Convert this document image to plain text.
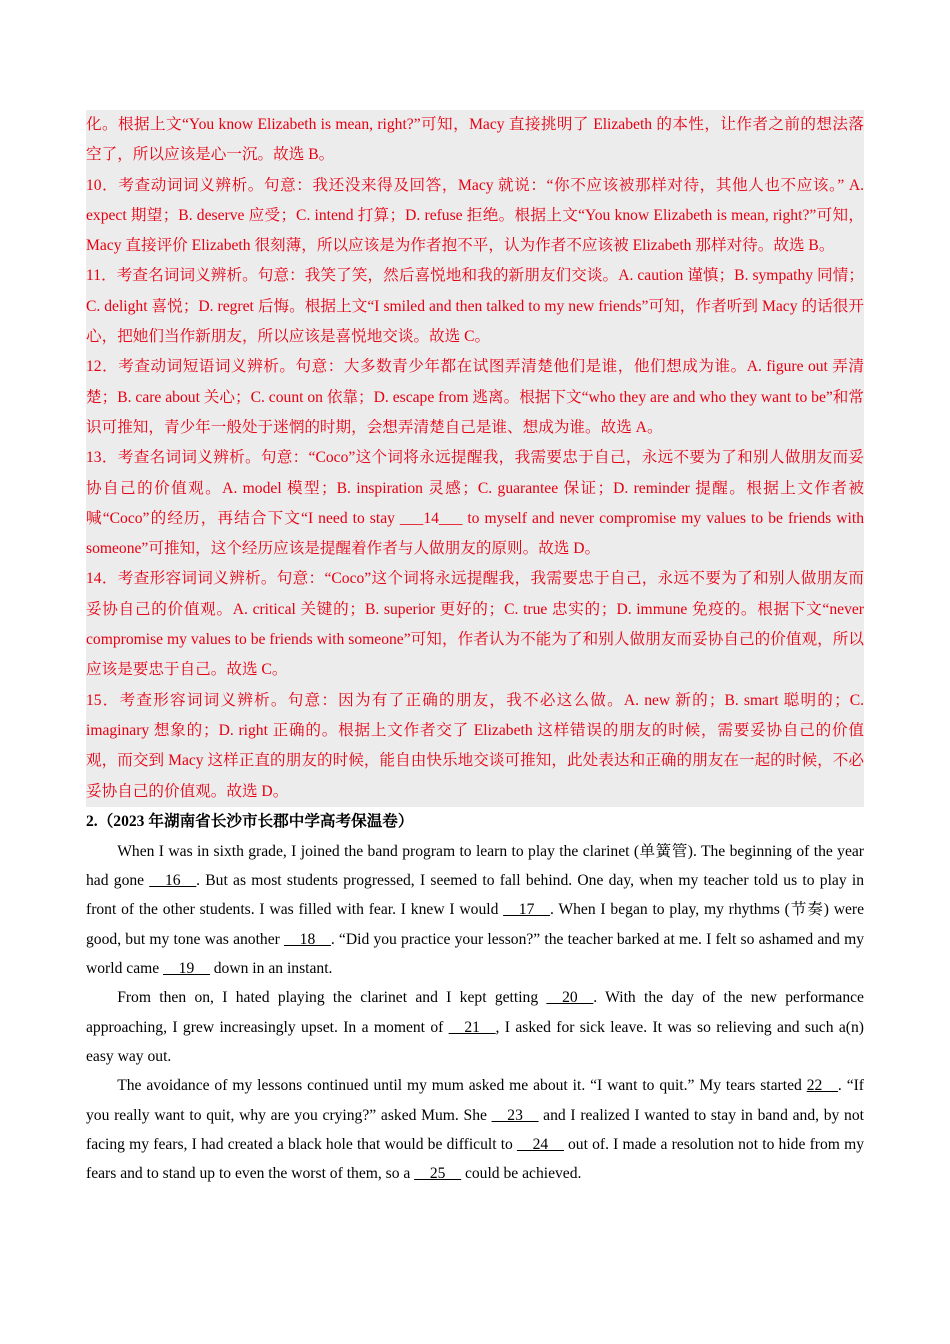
化。根据上文“You know Elizabeth is mean, right?”可知，Macy 直接挑明了 Elizabeth 的本性，让作者之前的想法落空了，所以应该是心一沉。故选 B。

10．考查动词词义辨析。句意：我还没来得及回答，Macy 就说：“你不应该被那样对待，其他人也不应该。” A. expect 期望；B. deserve 应受；C. intend 打算；D. refuse 拒绝。根据上文“You know Elizabeth is mean, right?”可知，Macy 直接评价 Elizabeth 很刻薄，所以应该是为作者抱不平，认为作者不应该被 Elizabeth 那样对待。故选 B。

11．考查名词词义辨析。句意：我笑了笑，然后喜悦地和我的新朋友们交谈。A. caution 谨慎；B. sympathy 同情；C. delight 喜悦；D. regret 后悔。根据上文“I smiled and then talked to my new friends”可知，作者听到 Macy 的话很开心，把她们当作新朋友，所以应该是喜悦地交谈。故选 C。

12．考查动词短语词义辨析。句意：大多数青少年都在试图弄清楚他们是谁，他们想成为谁。A. figure out 弄清楚；B. care about 关心；C. count on 依靠；D. escape from 逃离。根据下文“who they are and who they want to be”和常识可推知，青少年一般处于迷惘的时期，会想弄清楚自己是谁、想成为谁。故选 A。

13．考查名词词义辨析。句意：“Coco”这个词将永远提醒我，我需要忠于自己，永远不要为了和别人做朋友而妥协自己的价值观。A. model 模型；B. inspiration 灵感；C. guarantee 保证；D. reminder 提醒。根据上文作者被喊“Coco”的经历，再结合下文“I need to stay ___14___ to myself and never compromise my values to be friends with someone”可推知，这个经历应该是提醒着作者与人做朋友的原则。故选 D。

14．考查形容词词义辨析。句意：“Coco”这个词将永远提醒我，我需要忠于自己，永远不要为了和别人做朋友而妥协自己的价值观。A. critical 关键的；B. superior 更好的；C. true 忠实的；D. immune 免疫的。根据下文“never compromise my values to be friends with someone”可知，作者认为不能为了和别人做朋友而妥协自己的价值观，所以应该是要忠于自己。故选 C。

15．考查形容词词义辨析。句意：因为有了正确的朋友，我不必这么做。A. new 新的；B. smart 聪明的；C. imaginary 想象的；D. right 正确的。根据上文作者交了 Elizabeth 这样错误的朋友的时候，需要妥协自己的价值观，而交到 Macy 这样正直的朋友的时候，能自由快乐地交谈可推知，此处表达和正确的朋友在一起的时候，不必妥协自己的价值观。故选 D。

2.（2023 年湖南省长沙市长郡中学高考保温卷）

When I was in sixth grade, I joined the band program to learn to play the clarinet (单簧管). The beginning of the year had gone __16__. But as most students progressed, I seemed to fall behind. One day, when my teacher told us to play in front of the other students. I was filled with fear. I knew I would __17__. When I began to play, my rhythms (节奏) were good, but my tone was another __18__. “Did you practice your lesson?” the teacher barked at me. I felt so ashamed and my world came __19__ down in an instant.

From then on, I hated playing the clarinet and I kept getting __20__. With the day of the new performance approaching, I grew increasingly upset. In a moment of __21__, I asked for sick leave. It was so relieving and such a(n) easy way out.

The avoidance of my lessons continued until my mum asked me about it. “I want to quit.” My tears started 22__. “If you really want to quit, why are you crying?” asked Mum. She __23__ and I realized I wanted to stay in band and, by not facing my fears, I had created a black hole that would be difficult to __24__ out of. I made a resolution not to hide from my fears and to stand up to even the worst of them, so a __25__ could be achieved.
